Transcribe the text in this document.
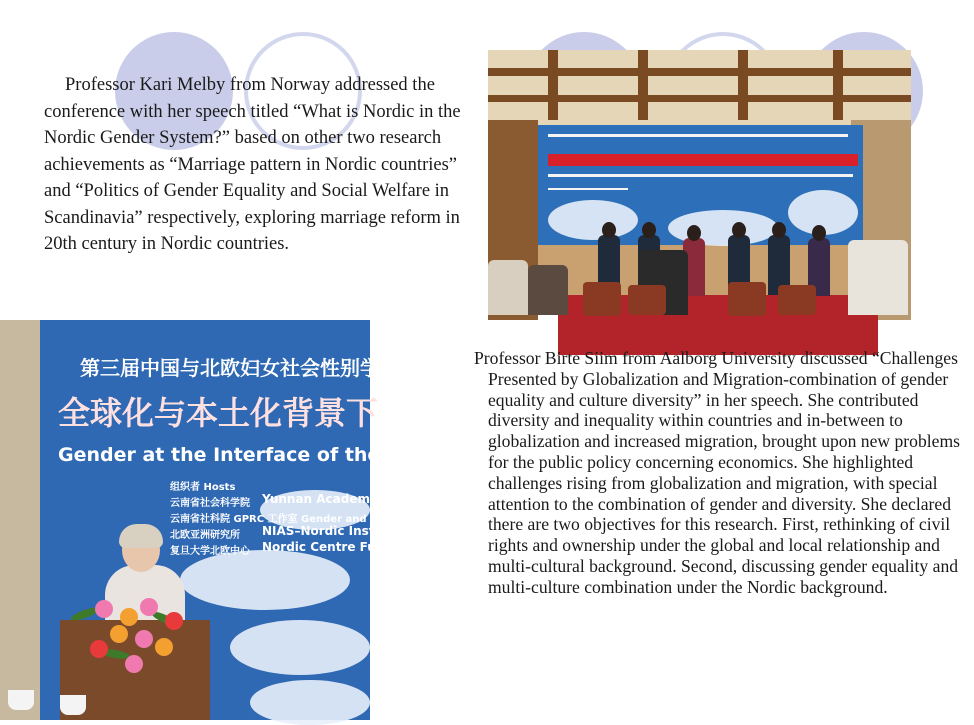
Professor Kari Melby from Norway addressed the conference with her speech titled “What is Nordic in the Nordic Gender System?” based on other two research achievements as “Marriage pattern in Nordic countries” and “Politics of Gender Equality and Social Welfare in Scandinavia” respectively, exploring marriage reform in 20th century in Nordic countries.
第三届中国与北欧妇女社会性别学术
全球化与本土化背景下
Gender at the Interface of the Glob
组织者 Hosts
云南省社会科学院 Yunnan Academy o
云南省社科院 GPRC 工作室 Gender and Pa
北欧亚洲研究所 NIAS–Nordic Institu
复旦大学北欧中心 Nordic Centre Fuda
Professor Birte Siim from Aalborg University discussed “Challenges Presented by Globalization and Migration-combination of gender equality and culture diversity” in her speech. She contributed diversity and inequality within countries and in-between to globalization and increased migration, brought upon new problems for the public policy concerning economics. She highlighted challenges rising from globalization and migration, with special attention to the combination of gender and diversity. She declared there are two objectives for this research. First, rethinking of civil rights and ownership under the global and local relationship and multi-cultural background. Second, discussing gender equality and multi-culture combination under the Nordic background.
